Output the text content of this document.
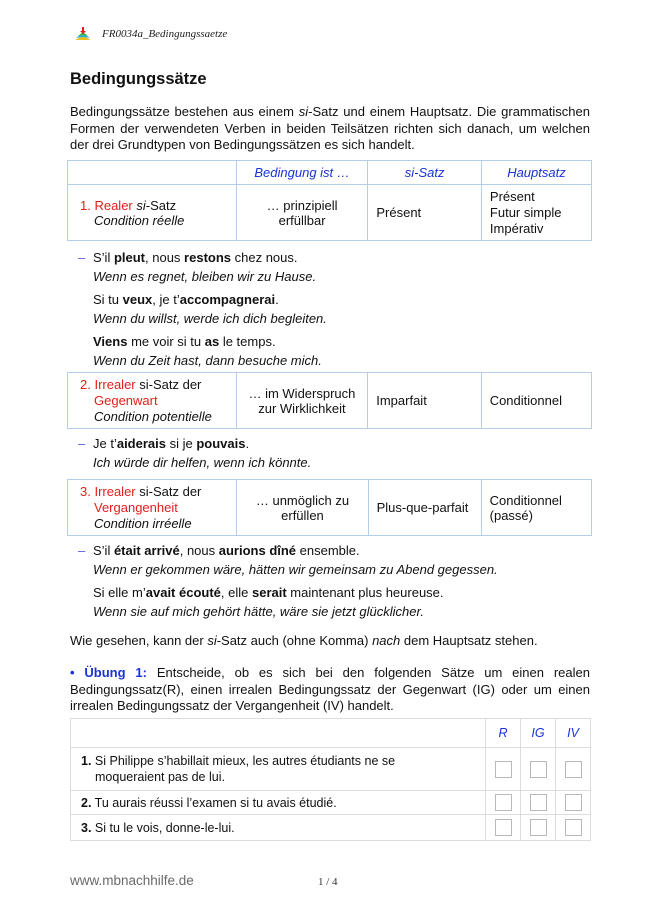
FR0034a_Bedingungssaetze
Bedingungssätze

Bedingungssätze bestehen aus einem si-Satz und einem Hauptsatz. Die grammatischen Formen der verwendeten Verben in beiden Teilsätzen richten sich danach, um welchen der drei Grundtypen von Bedingungssätzen es sich handelt.

	Bedingung ist …	si-Satz	Hauptsatz
1. Realer si-Satz
Condition réelle	… prinzipiell erfüllbar	Présent	Présent
Futur simple
Impérativ
– S’il pleut, nous restons chez nous.
Wenn es regnet, bleiben wir zu Hause.
Si tu veux, je t’accompagnerai.
Wenn du willst, werde ich dich begleiten.
Viens me voir si tu as le temps.
Wenn du Zeit hast, dann besuche mich.
2. Irrealer si-Satz der
Gegenwart
Condition potentielle	… im Widerspruch zur Wirklichkeit	Imparfait	Conditionnel
– Je t’aiderais si je pouvais.
Ich würde dir helfen, wenn ich könnte.
3. Irrealer si-Satz der
Vergangenheit
Condition irréelle	… unmöglich zu erfüllen	Plus-que-parfait	Conditionnel (passé)
– S’il était arrivé, nous aurions dîné ensemble.
Wenn er gekommen wäre, hätten wir gemeinsam zu Abend gegessen.
Si elle m’avait écouté, elle serait maintenant plus heureuse.
Wenn sie auf mich gehört hätte, wäre sie jetzt glücklicher.

Wie gesehen, kann der si-Satz auch (ohne Komma) nach dem Hauptsatz stehen.

• Übung 1: Entscheide, ob es sich bei den folgenden Sätze um einen realen Bedingungssatz(R), einen irrealen Bedingungssatz der Gegenwart (IG) oder um einen irrealen Bedingungssatz der Vergangenheit (IV) handelt.

	R	IG	IV
1. Si Philippe s’habillait mieux, les autres étudiants ne se
moqueraient pas de lui.			
2. Tu aurais réussi l’examen si tu avais étudié.			
3. Si tu le vois, donne-le-lui.			
www.mbnachhilfe.de	1 / 4
